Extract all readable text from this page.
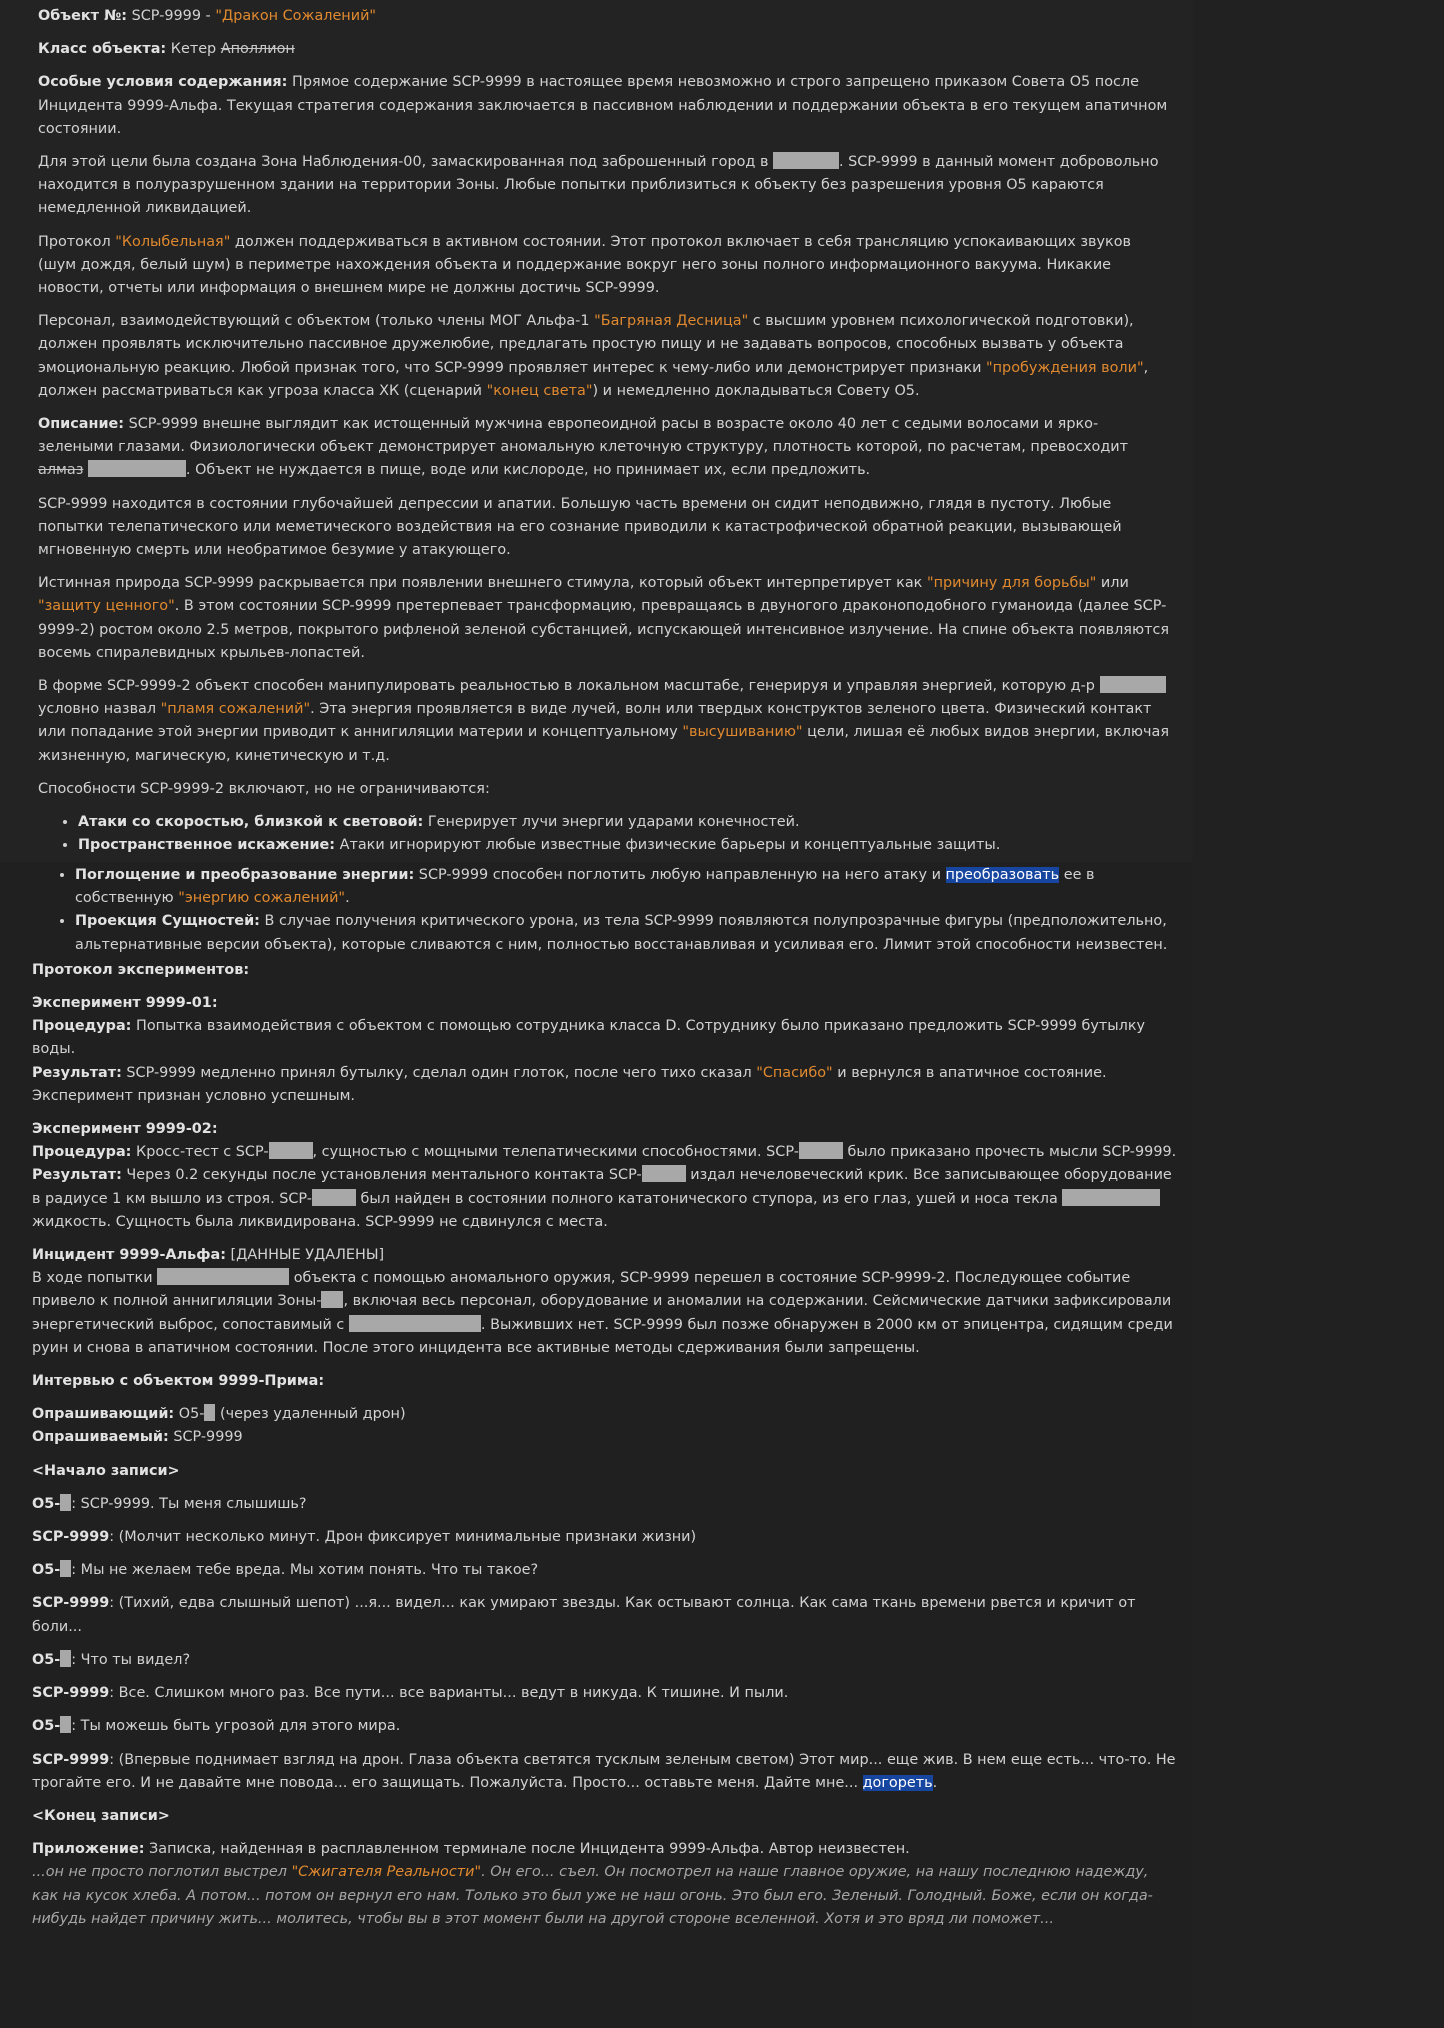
Объект №: SCP-9999 - "Дракон Сожалений"

Класс объекта: Кетер Аполлион

Особые условия содержания: Прямое содержание SCP-9999 в настоящее время невозможно и строго запрещено приказом Совета О5 после Инцидента 9999-Альфа. Текущая стратегия содержания заключается в пассивном наблюдении и поддержании объекта в его текущем апатичном состоянии.

Для этой цели была создана Зона Наблюдения-00, замаскированная под заброшенный город в	. SCP-9999 в данный момент добровольно находится в полуразрушенном здании на территории Зоны. Любые попытки приблизиться к объекту без разрешения уровня О5 караются немедленной ликвидацией.

Протокол "Колыбельная" должен поддерживаться в активном состоянии. Этот протокол включает в себя трансляцию успокаивающих звуков (шум дождя, белый шум) в периметре нахождения объекта и поддержание вокруг него зоны полного информационного вакуума. Никакие новости, отчеты или информация о внешнем мире не должны достичь SCP-9999.

Персонал, взаимодействующий с объектом (только члены МОГ Альфа-1 "Багряная Десница" с высшим уровнем психологической подготовки), должен проявлять исключительно пассивное дружелюбие, предлагать простую пищу и не задавать вопросов, способных вызвать у объекта эмоциональную реакцию. Любой признак того, что SCP-9999 проявляет интерес к чему-либо или демонстрирует признаки "пробуждения воли", должен рассматриваться как угроза класса ХК (сценарий "конец света") и немедленно докладываться Совету О5.

Описание: SCP-9999 внешне выглядит как истощенный мужчина европеоидной расы в возрасте около 40 лет с седыми волосами и ярко-зелеными глазами. Физиологически объект демонстрирует аномальную клеточную структуру, плотность которой, по расчетам, превосходит алмаз	. Объект не нуждается в пище, воде или кислороде, но принимает их, если предложить.

SCP-9999 находится в состоянии глубочайшей депрессии и апатии. Большую часть времени он сидит неподвижно, глядя в пустоту. Любые попытки телепатического или меметического воздействия на его сознание приводили к катастрофической обратной реакции, вызывающей мгновенную смерть или необратимое безумие у атакующего.

Истинная природа SCP-9999 раскрывается при появлении внешнего стимула, который объект интерпретирует как "причину для борьбы" или "защиту ценного". В этом состоянии SCP-9999 претерпевает трансформацию, превращаясь в двуногого драконоподобного гуманоида (далее SCP-9999-2) ростом около 2.5 метров, покрытого рифленой зеленой субстанцией, испускающей интенсивное излучение. На спине объекта появляются восемь спиралевидных крыльев-лопастей.

В форме SCP-9999-2 объект способен манипулировать реальностью в локальном масштабе, генерируя и управляя энергией, которую д-р  условно назвал "пламя сожалений". Эта энергия проявляется в виде лучей, волн или твердых конструктов зеленого цвета. Физический контакт или попадание этой энергии приводит к аннигиляции материи и концептуальному "высушиванию" цели, лишая её любых видов энергии, включая жизненную, магическую, кинетическую и т.д.

Способности SCP-9999-2 включают, но не ограничиваются:

• Атаки со скоростью, близкой к световой: Генерирует лучи энергии ударами конечностей.
• Пространственное искажение: Атаки игнорируют любые известные физические барьеры и концептуальные защиты.
• Поглощение и преобразование энергии: SCP-9999 способен поглотить любую направленную на него атаку и преобразовать ее в собственную "энергию сожалений".
• Проекция Сущностей: В случае получения критического урона, из тела SCP-9999 появляются полупрозрачные фигуры (предположительно, альтернативные версии объекта), которые сливаются с ним, полностью восстанавливая и усиливая его. Лимит этой способности неизвестен.

Протокол экспериментов:

Эксперимент 9999-01:
Процедура: Попытка взаимодействия с объектом с помощью сотрудника класса D. Сотруднику было приказано предложить SCP-9999 бутылку воды.
Результат: SCP-9999 медленно принял бутылку, сделал один глоток, после чего тихо сказал "Спасибо" и вернулся в апатичное состояние. Эксперимент признан условно успешным.
Эксперимент 9999-02:
Процедура: Кросс-тест с SCP-	, сущностью с мощными телепатическими способностями. SCP-	было приказано прочесть мысли SCP-9999.
Результат: Через 0.2 секунды после установления ментального контакта SCP-	издал нечеловеческий крик. Все записывающее оборудование в радиусе 1 км вышло из строя. SCP-	был найден в состоянии полного кататонического ступора, из его глаз, ушей и носа текла  жидкость. Сущность была ликвидирована. SCP-9999 не сдвинулся с места.
Инцидент 9999-Альфа: [ДАННЫЕ УДАЛЕНЫ]
В ходе попытки	объекта с помощью аномального оружия, SCP-9999 перешел в состояние SCP-9999-2. Последующее событие привело к полной аннигиляции Зоны- , включая весь персонал, оборудование и аномалии на содержании. Сейсмические датчики зафиксировали энергетический выброс, сопоставимый с	. Выживших нет. SCP-9999 был позже обнаружен в 2000 км от эпицентра, сидящим среди руин и снова в апатичном состоянии. После этого инцидента все активные методы сдерживания были запрещены.

Интервью с объектом 9999-Прима:

Опрашивающий: О5- (через удаленный дрон)
Опрашиваемый: SCP-9999

<Начало записи>

О5- : SCP-9999. Ты меня слышишь?

SCP-9999: (Молчит несколько минут. Дрон фиксирует минимальные признаки жизни)

О5- : Мы не желаем тебе вреда. Мы хотим понять. Что ты такое?

SCP-9999: (Тихий, едва слышный шепот) ...я... видел... как умирают звезды. Как остывают солнца. Как сама ткань времени рвется и кричит от боли...

О5- : Что ты видел?

SCP-9999: Все. Слишком много раз. Все пути... все варианты... ведут в никуда. К тишине. И пыли.

О5- : Ты можешь быть угрозой для этого мира.

SCP-9999: (Впервые поднимает взгляд на дрон. Глаза объекта светятся тусклым зеленым светом) Этот мир... еще жив. В нем еще есть... что-то. Не трогайте его. И не давайте мне повода... его защищать. Пожалуйста. Просто... оставьте меня. Дайте мне... догореть.

<Конец записи>

Приложение: Записка, найденная в расплавленном терминале после Инцидента 9999-Альфа. Автор неизвестен.

...он не просто поглотил выстрел "Сжигателя Реальности". Он его... съел. Он посмотрел на наше главное оружие, на нашу последнюю надежду, как на кусок хлеба. А потом... потом он вернул его нам. Только это был уже не наш огонь. Это был его. Зеленый. Голодный. Боже, если он когда-нибудь найдет причину жить... молитесь, чтобы вы в этот момент были на другой стороне вселенной. Хотя и это вряд ли поможет...
